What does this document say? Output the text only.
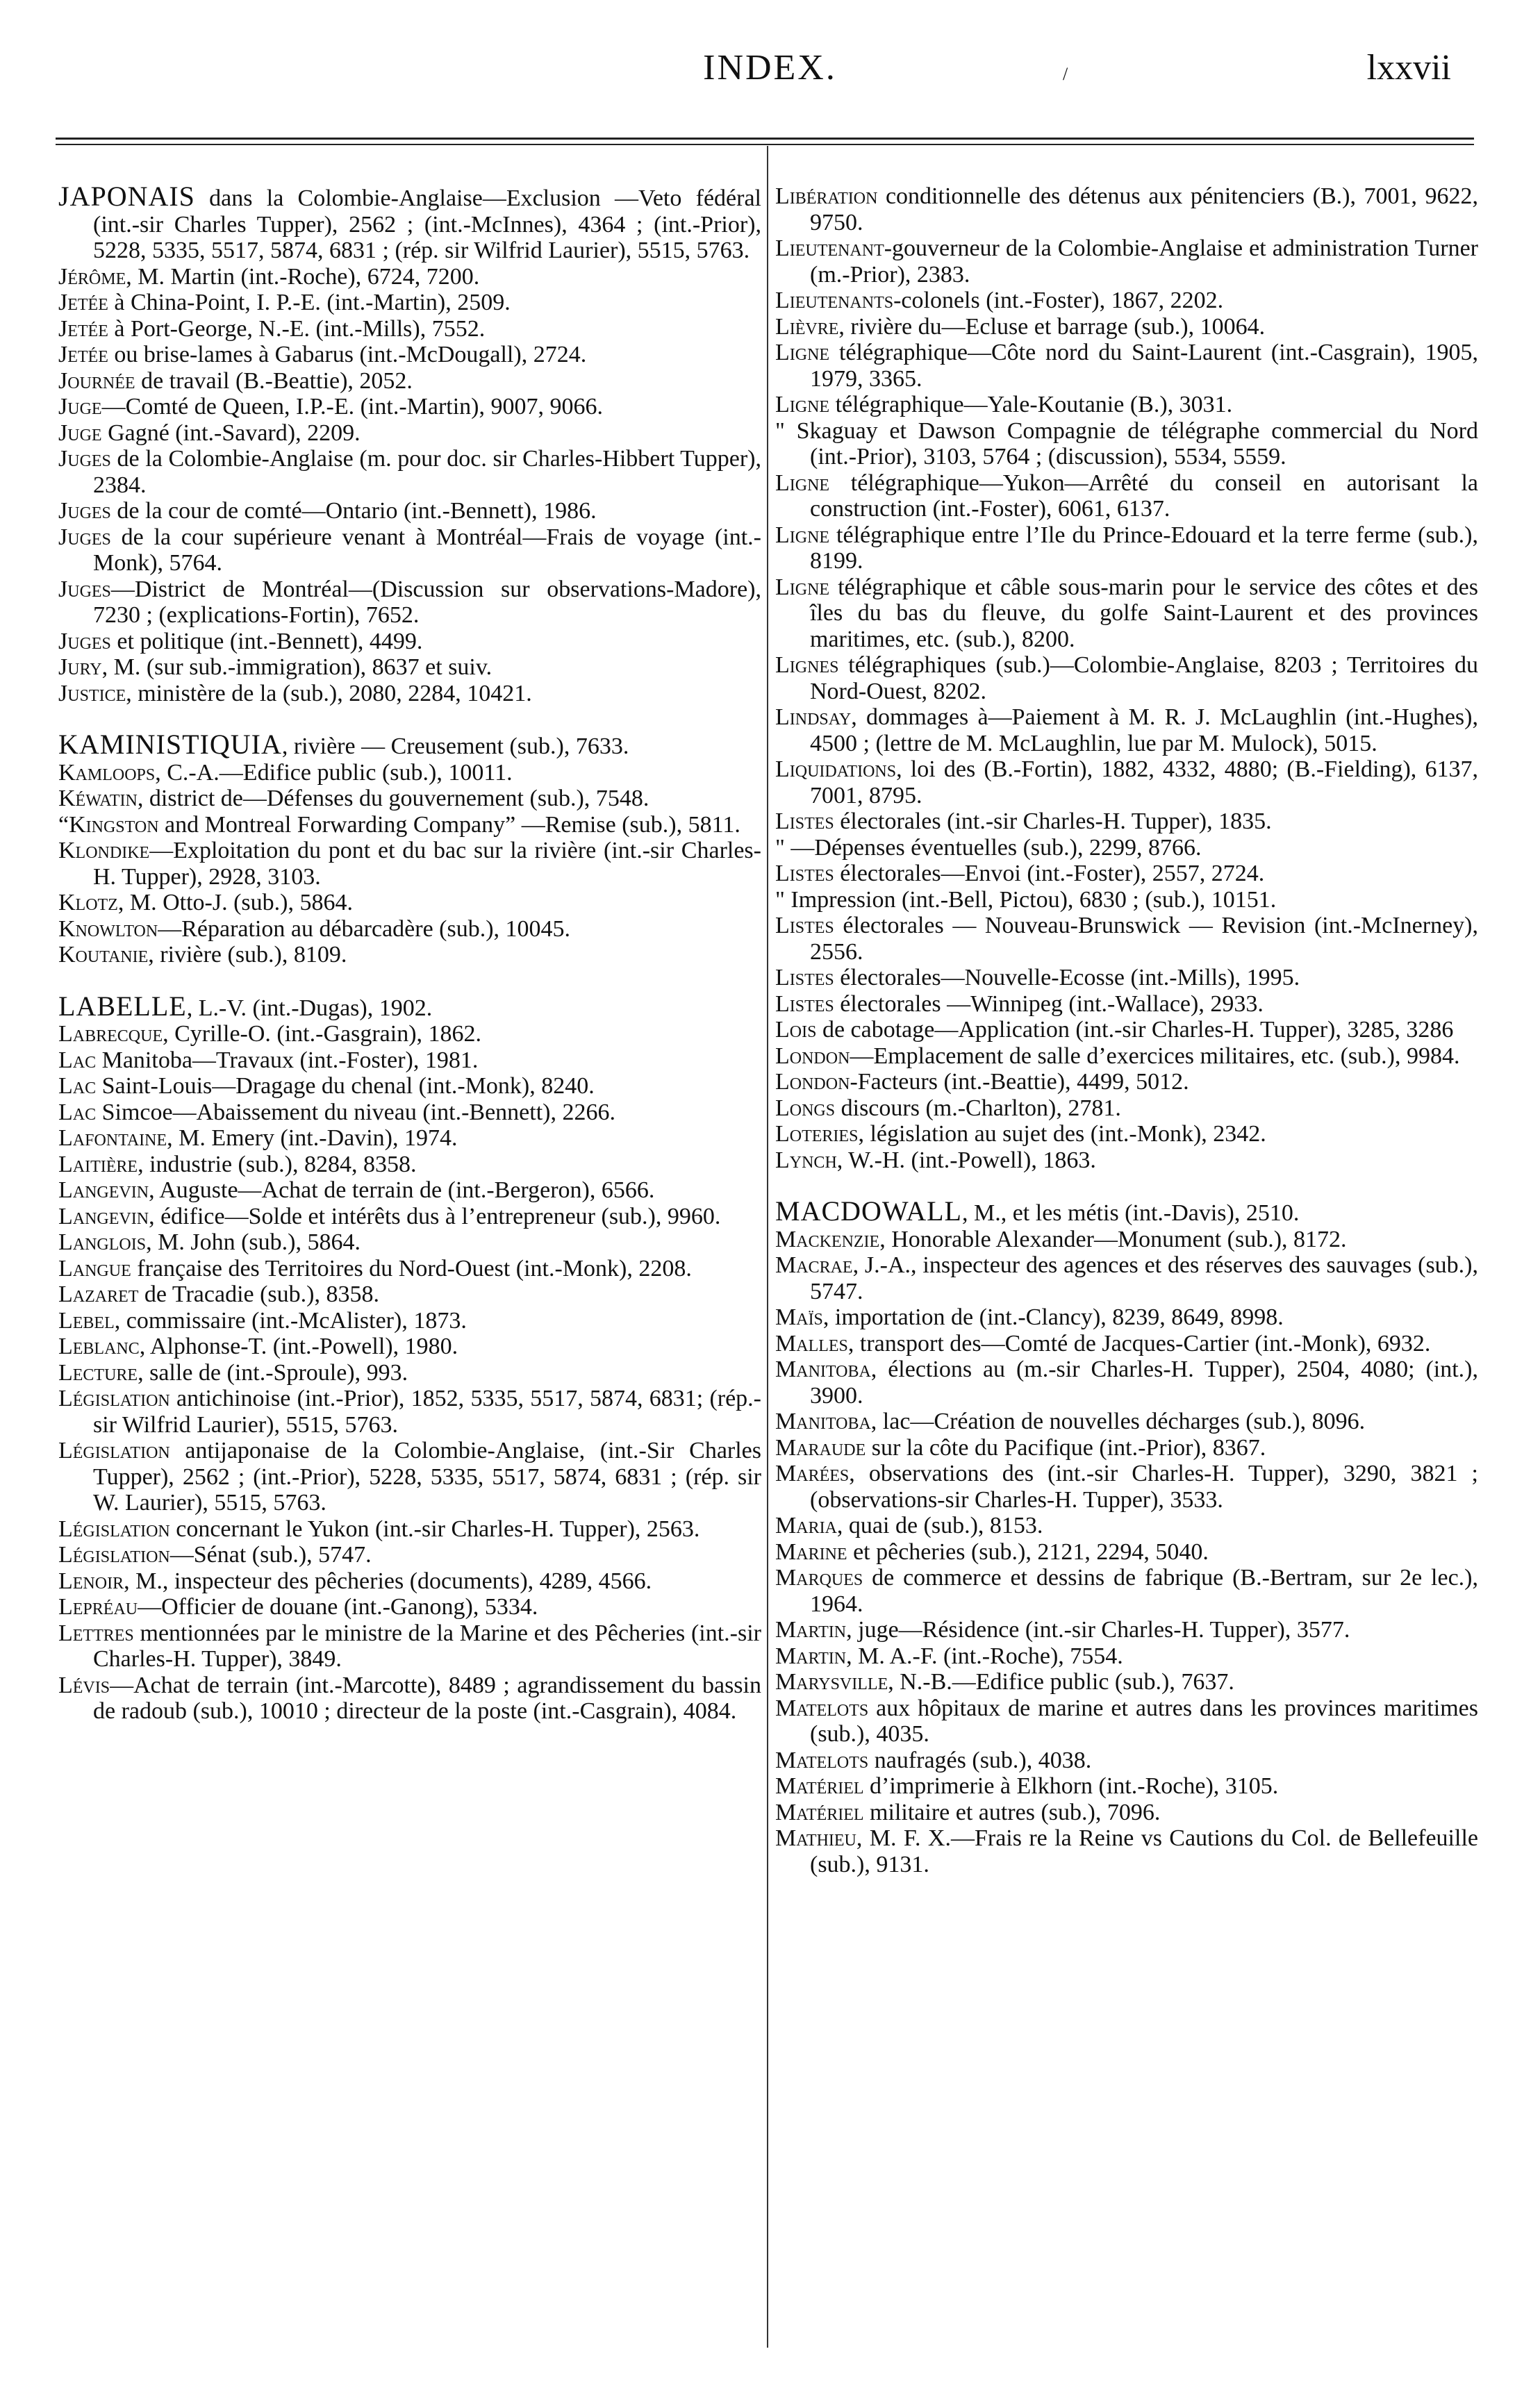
INDEX.	/	lxxvii

JAPONAIS dans la Colombie-Anglaise—Exclusion —Veto fédéral (int.-sir Charles Tupper), 2562 ; (int.-McInnes), 4364 ; (int.-Prior), 5228, 5335, 5517, 5874, 6831 ; (rép. sir Wilfrid Laurier), 5515, 5763.

Jérôme, M. Martin (int.-Roche), 6724, 7200.

Jetée à China-Point, I. P.-E. (int.-Martin), 2509.

Jetée à Port-George, N.-E. (int.-Mills), 7552.

Jetée ou brise-lames à Gabarus (int.-McDougall), 2724.

Journée de travail (B.-Beattie), 2052.

Juge—Comté de Queen, I.P.-E. (int.-Martin), 9007, 9066.

Juge Gagné (int.-Savard), 2209.

Juges de la Colombie-Anglaise (m. pour doc. sir Charles-Hibbert Tupper), 2384.

Juges de la cour de comté—Ontario (int.-Bennett), 1986.

Juges de la cour supérieure venant à Montréal—Frais de voyage (int.-Monk), 5764.

Juges—District de Montréal—(Discussion sur observations-Madore), 7230 ; (explications-Fortin), 7652.

Juges et politique (int.-Bennett), 4499.

Jury, M. (sur sub.-immigration), 8637 et suiv.

Justice, ministère de la (sub.), 2080, 2284, 10421.

KAMINISTIQUIA, rivière — Creusement (sub.), 7633.

Kamloops, C.-A.—Edifice public (sub.), 10011.

Kéwatin, district de—Défenses du gouvernement (sub.), 7548.

“Kingston and Montreal Forwarding Company” —Remise (sub.), 5811.

Klondike—Exploitation du pont et du bac sur la rivière (int.-sir Charles-H. Tupper), 2928, 3103.

Klotz, M. Otto-J. (sub.), 5864.

Knowlton—Réparation au débarcadère (sub.), 10045.

Koutanie, rivière (sub.), 8109.

LABELLE, L.-V. (int.-Dugas), 1902.

Labrecque, Cyrille-O. (int.-Gasgrain), 1862.

Lac Manitoba—Travaux (int.-Foster), 1981.

Lac Saint-Louis—Dragage du chenal (int.-Monk), 8240.

Lac Simcoe—Abaissement du niveau (int.-Bennett), 2266.

Lafontaine, M. Emery (int.-Davin), 1974.

Laitière, industrie (sub.), 8284, 8358.

Langevin, Auguste—Achat de terrain de (int.-Bergeron), 6566.

Langevin, édifice—Solde et intérêts dus à l’entrepreneur (sub.), 9960.

Langlois, M. John (sub.), 5864.

Langue française des Territoires du Nord-Ouest (int.-Monk), 2208.

Lazaret de Tracadie (sub.), 8358.

Lebel, commissaire (int.-McAlister), 1873.

Leblanc, Alphonse-T. (int.-Powell), 1980.

Lecture, salle de (int.-Sproule), 993.

Législation antichinoise (int.-Prior), 1852, 5335, 5517, 5874, 6831; (rép.-sir Wilfrid Laurier), 5515, 5763.

Législation antijaponaise de la Colombie-Anglaise, (int.-Sir Charles Tupper), 2562 ; (int.-Prior), 5228, 5335, 5517, 5874, 6831 ; (rép. sir W. Laurier), 5515, 5763.

Législation concernant le Yukon (int.-sir Charles-H. Tupper), 2563.

Législation—Sénat (sub.), 5747.

Lenoir, M., inspecteur des pêcheries (documents), 4289, 4566.

Lepréau—Officier de douane (int.-Ganong), 5334.

Lettres mentionnées par le ministre de la Marine et des Pêcheries (int.-sir Charles-H. Tupper), 3849.

Lévis—Achat de terrain (int.-Marcotte), 8489 ; agrandissement du bassin de radoub (sub.), 10010 ; directeur de la poste (int.-Casgrain), 4084.

Libération conditionnelle des détenus aux pénitenciers (B.), 7001, 9622, 9750.

Lieutenant-gouverneur de la Colombie-Anglaise et administration Turner (m.-Prior), 2383.

Lieutenants-colonels (int.-Foster), 1867, 2202.

Lièvre, rivière du—Ecluse et barrage (sub.), 10064.

Ligne télégraphique—Côte nord du Saint-Laurent (int.-Casgrain), 1905, 1979, 3365.

Ligne télégraphique—Yale-Koutanie (B.), 3031.

" Skaguay et Dawson Compagnie de télégraphe commercial du Nord (int.-Prior), 3103, 5764 ; (discussion), 5534, 5559.

Ligne télégraphique—Yukon—Arrêté du conseil en autorisant la construction (int.-Foster), 6061, 6137.

Ligne télégraphique entre l’Ile du Prince-Edouard et la terre ferme (sub.), 8199.

Ligne télégraphique et câble sous-marin pour le service des côtes et des îles du bas du fleuve, du golfe Saint-Laurent et des provinces maritimes, etc. (sub.), 8200.

Lignes télégraphiques (sub.)—Colombie-Anglaise, 8203 ; Territoires du Nord-Ouest, 8202.

Lindsay, dommages à—Paiement à M. R. J. McLaughlin (int.-Hughes), 4500 ; (lettre de M. McLaughlin, lue par M. Mulock), 5015.

Liquidations, loi des (B.-Fortin), 1882, 4332, 4880; (B.-Fielding), 6137, 7001, 8795.

Listes électorales (int.-sir Charles-H. Tupper), 1835.

" —Dépenses éventuelles (sub.), 2299, 8766.

Listes électorales—Envoi (int.-Foster), 2557, 2724.

" Impression (int.-Bell, Pictou), 6830 ; (sub.), 10151.

Listes électorales — Nouveau-Brunswick — Revision (int.-McInerney), 2556.

Listes électorales—Nouvelle-Ecosse (int.-Mills), 1995.

Listes électorales —Winnipeg (int.-Wallace), 2933.

Lois de cabotage—Application (int.-sir Charles-H. Tupper), 3285, 3286

London—Emplacement de salle d’exercices militaires, etc. (sub.), 9984.

London-Facteurs (int.-Beattie), 4499, 5012.

Longs discours (m.-Charlton), 2781.

Loteries, législation au sujet des (int.-Monk), 2342.

Lynch, W.-H. (int.-Powell), 1863.

MACDOWALL, M., et les métis (int.-Davis), 2510.

Mackenzie, Honorable Alexander—Monument (sub.), 8172.

Macrae, J.-A., inspecteur des agences et des réserves des sauvages (sub.), 5747.

Maïs, importation de (int.-Clancy), 8239, 8649, 8998.

Malles, transport des—Comté de Jacques-Cartier (int.-Monk), 6932.

Manitoba, élections au (m.-sir Charles-H. Tupper), 2504, 4080; (int.), 3900.

Manitoba, lac—Création de nouvelles décharges (sub.), 8096.

Maraude sur la côte du Pacifique (int.-Prior), 8367.

Marées, observations des (int.-sir Charles-H. Tupper), 3290, 3821 ; (observations-sir Charles-H. Tupper), 3533.

Maria, quai de (sub.), 8153.

Marine et pêcheries (sub.), 2121, 2294, 5040.

Marques de commerce et dessins de fabrique (B.-Bertram, sur 2e lec.), 1964.

Martin, juge—Résidence (int.-sir Charles-H. Tupper), 3577.

Martin, M. A.-F. (int.-Roche), 7554.

Marysville, N.-B.—Edifice public (sub.), 7637.

Matelots aux hôpitaux de marine et autres dans les provinces maritimes (sub.), 4035.

Matelots naufragés (sub.), 4038.

Matériel d’imprimerie à Elkhorn (int.-Roche), 3105.

Matériel militaire et autres (sub.), 7096.

Mathieu, M. F. X.—Frais re la Reine vs Cautions du Col. de Bellefeuille (sub.), 9131.
